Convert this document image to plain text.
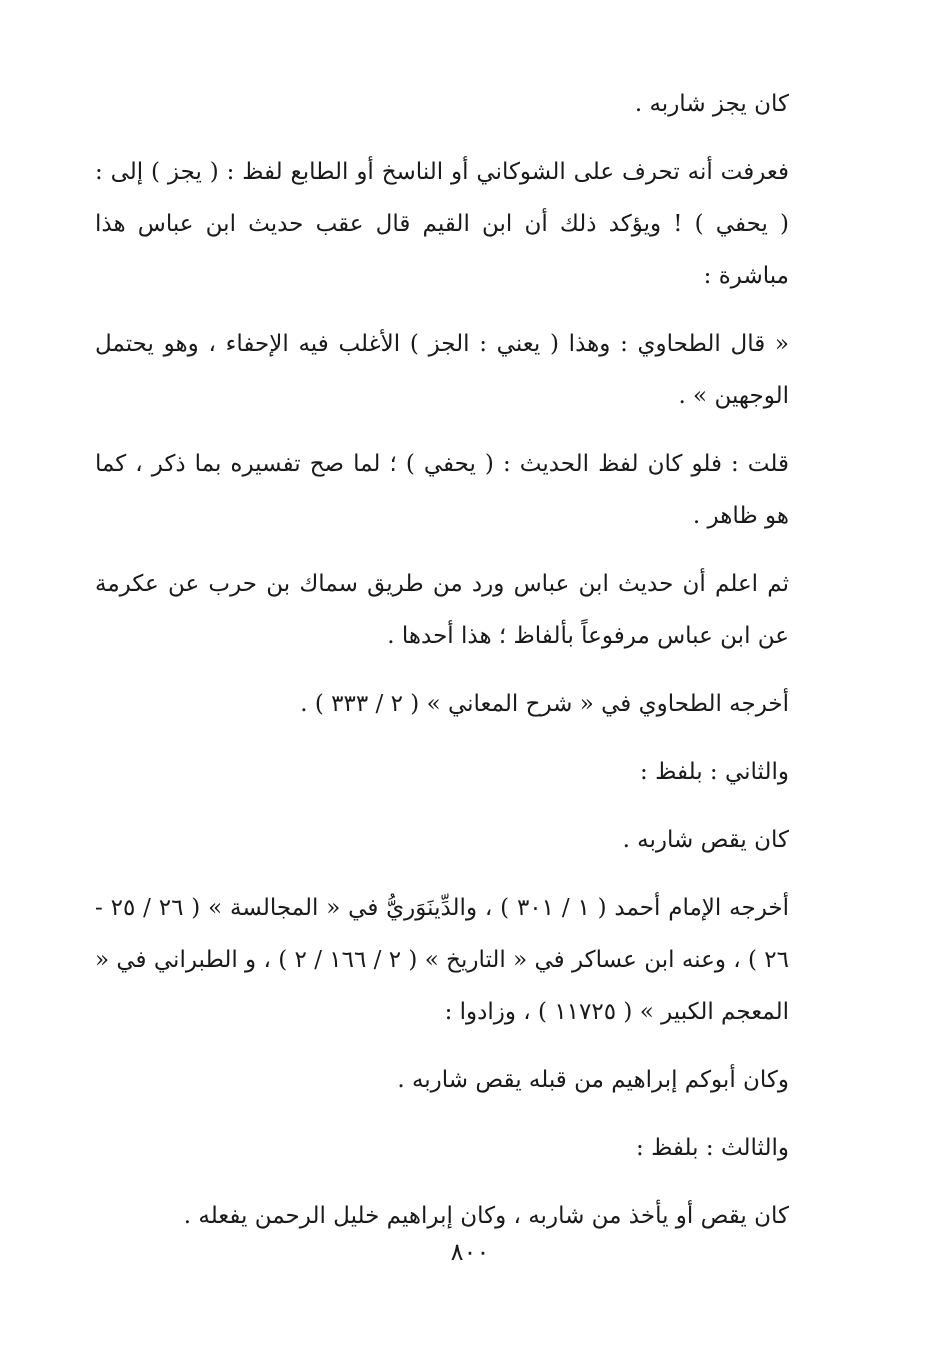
كان يجز شاربه .

فعرفت أنه تحرف على الشوكاني أو الناسخ أو الطابع لفظ : ( يجز ) إلى : ( يحفي ) ! ويؤكد ذلك أن ابن القيم قال عقب حديث ابن عباس هذا مباشرة :

« قال الطحاوي : وهذا ( يعني : الجز ) الأغلب فيه الإحفاء ، وهو يحتمل الوجهين » .

قلت : فلو كان لفظ الحديث : ( يحفي ) ؛ لما صح تفسيره بما ذكر ، كما هو ظاهر .

ثم اعلم أن حديث ابن عباس ورد من طريق سماك بن حرب عن عكرمة عن ابن عباس مرفوعاً بألفاظ ؛ هذا أحدها .

أخرجه الطحاوي في « شرح المعاني » ( ٢ / ٣٣٣ ) .

والثاني : بلفظ :

كان يقص شاربه .

أخرجه الإمام أحمد ( ١ / ٣٠١ ) ، والدِّينَوَريُّ في « المجالسة » ( ٢٦ / ٢٥ - ٢٦ ) ، وعنه ابن عساكر في « التاريخ » ( ٢ / ١٦٦ / ٢ ) ، و الطبراني في « المعجم الكبير » ( ١١٧٢٥ ) ، وزادوا :

وكان أبوكم إبراهيم من قبله يقص شاربه .

والثالث : بلفظ :

كان يقص أو يأخذ من شاربه ، وكان إبراهيم خليل الرحمن يفعله .

٨٠٠
